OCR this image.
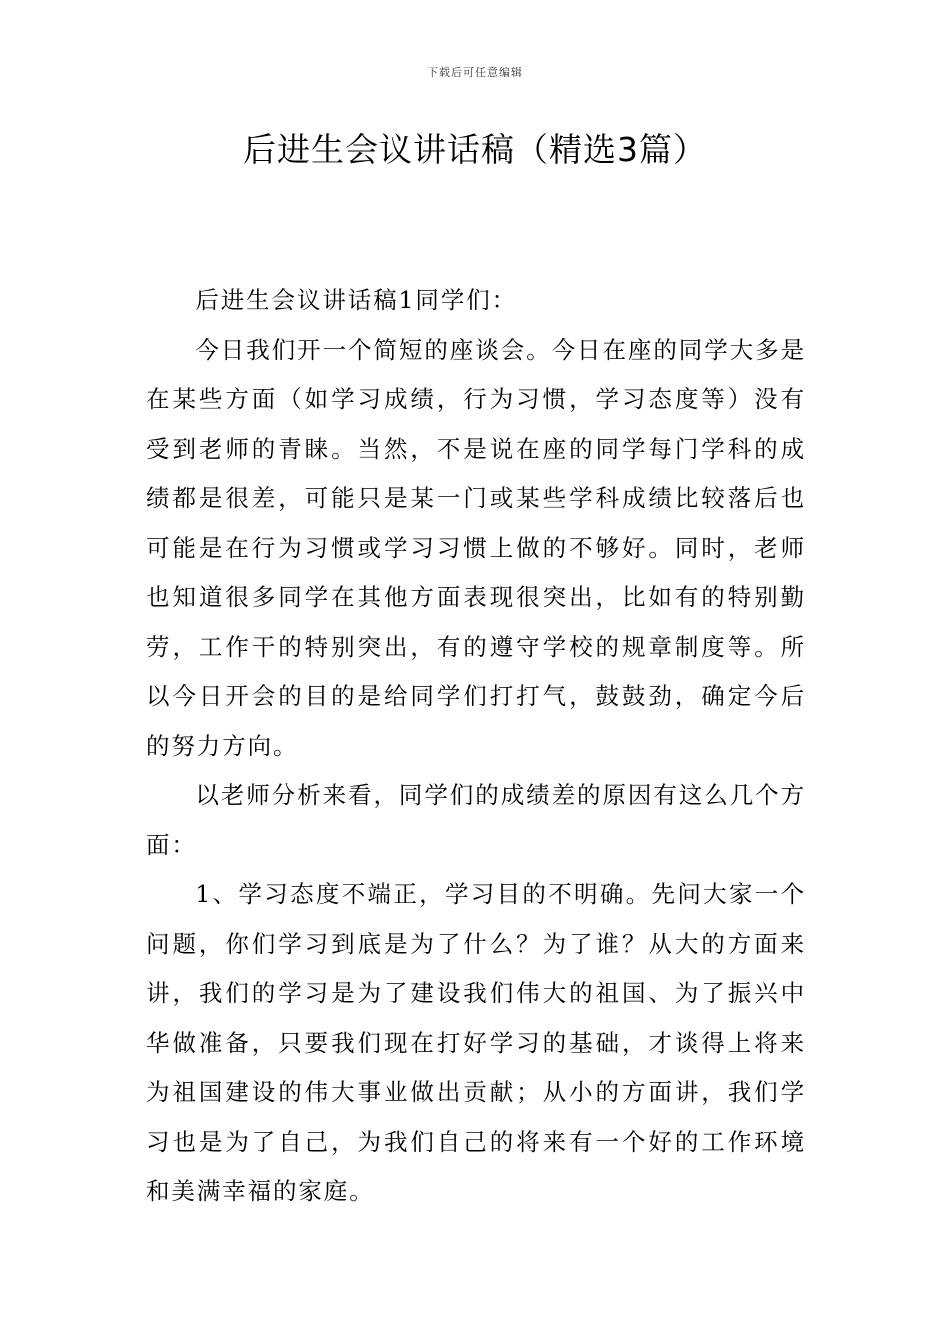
下载后可任意编辑
后进生会议讲话稿（精选3篇）

后进生会议讲话稿1同学们：

今日我们开一个简短的座谈会。今日在座的同学大多是在某些方面（如学习成绩，行为习惯，学习态度等）没有受到老师的青睐。当然，不是说在座的同学每门学科的成绩都是很差，可能只是某一门或某些学科成绩比较落后也可能是在行为习惯或学习习惯上做的不够好。同时，老师也知道很多同学在其他方面表现很突出，比如有的特别勤劳，工作干的特别突出，有的遵守学校的规章制度等。所以今日开会的目的是给同学们打打气，鼓鼓劲，确定今后的努力方向。

以老师分析来看，同学们的成绩差的原因有这么几个方面：

1、学习态度不端正，学习目的不明确。先问大家一个问题，你们学习到底是为了什么？为了谁？从大的方面来讲，我们的学习是为了建设我们伟大的祖国、为了振兴中华做准备，只要我们现在打好学习的基础，才谈得上将来为祖国建设的伟大事业做出贡献；从小的方面讲，我们学习也是为了自己，为我们自己的将来有一个好的工作环境和美满幸福的家庭。
